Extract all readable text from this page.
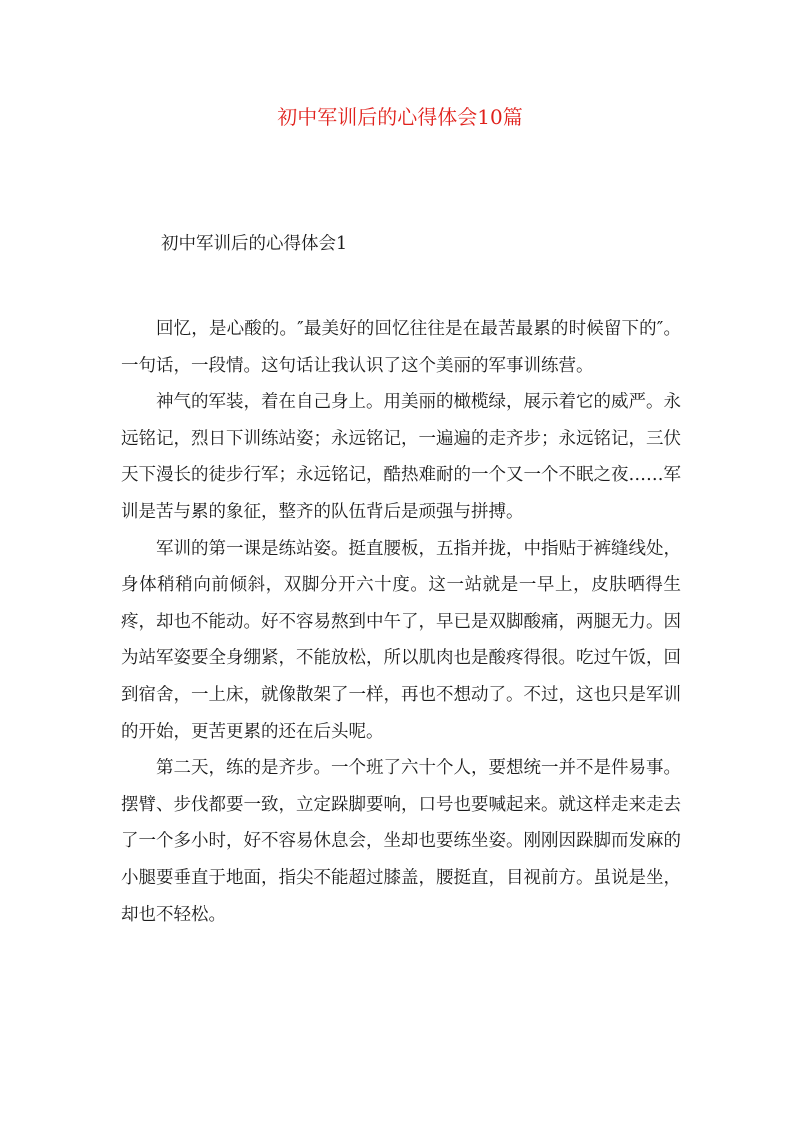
初中军训后的心得体会10篇
初中军训后的心得体会1

回忆，是心酸的。″最美好的回忆往往是在最苦最累的时候留下的″。一句话，一段情。这句话让我认识了这个美丽的军事训练营。

神气的军装，着在自己身上。用美丽的橄榄绿，展示着它的威严。永远铭记，烈日下训练站姿；永远铭记，一遍遍的走齐步；永远铭记，三伏天下漫长的徒步行军；永远铭记，酷热难耐的一个又一个不眠之夜……军训是苦与累的象征，整齐的队伍背后是顽强与拼搏。

军训的第一课是练站姿。挺直腰板，五指并拢，中指贴于裤缝线处，身体稍稍向前倾斜，双脚分开六十度。这一站就是一早上，皮肤晒得生疼，却也不能动。好不容易熬到中午了，早已是双脚酸痛，两腿无力。因为站军姿要全身绷紧，不能放松，所以肌肉也是酸疼得很。吃过午饭，回到宿舍，一上床，就像散架了一样，再也不想动了。不过，这也只是军训的开始，更苦更累的还在后头呢。

第二天，练的是齐步。一个班了六十个人，要想统一并不是件易事。摆臂、步伐都要一致，立定跺脚要响，口号也要喊起来。就这样走来走去了一个多小时，好不容易休息会，坐却也要练坐姿。刚刚因跺脚而发麻的小腿要垂直于地面，指尖不能超过膝盖，腰挺直，目视前方。虽说是坐，却也不轻松。
